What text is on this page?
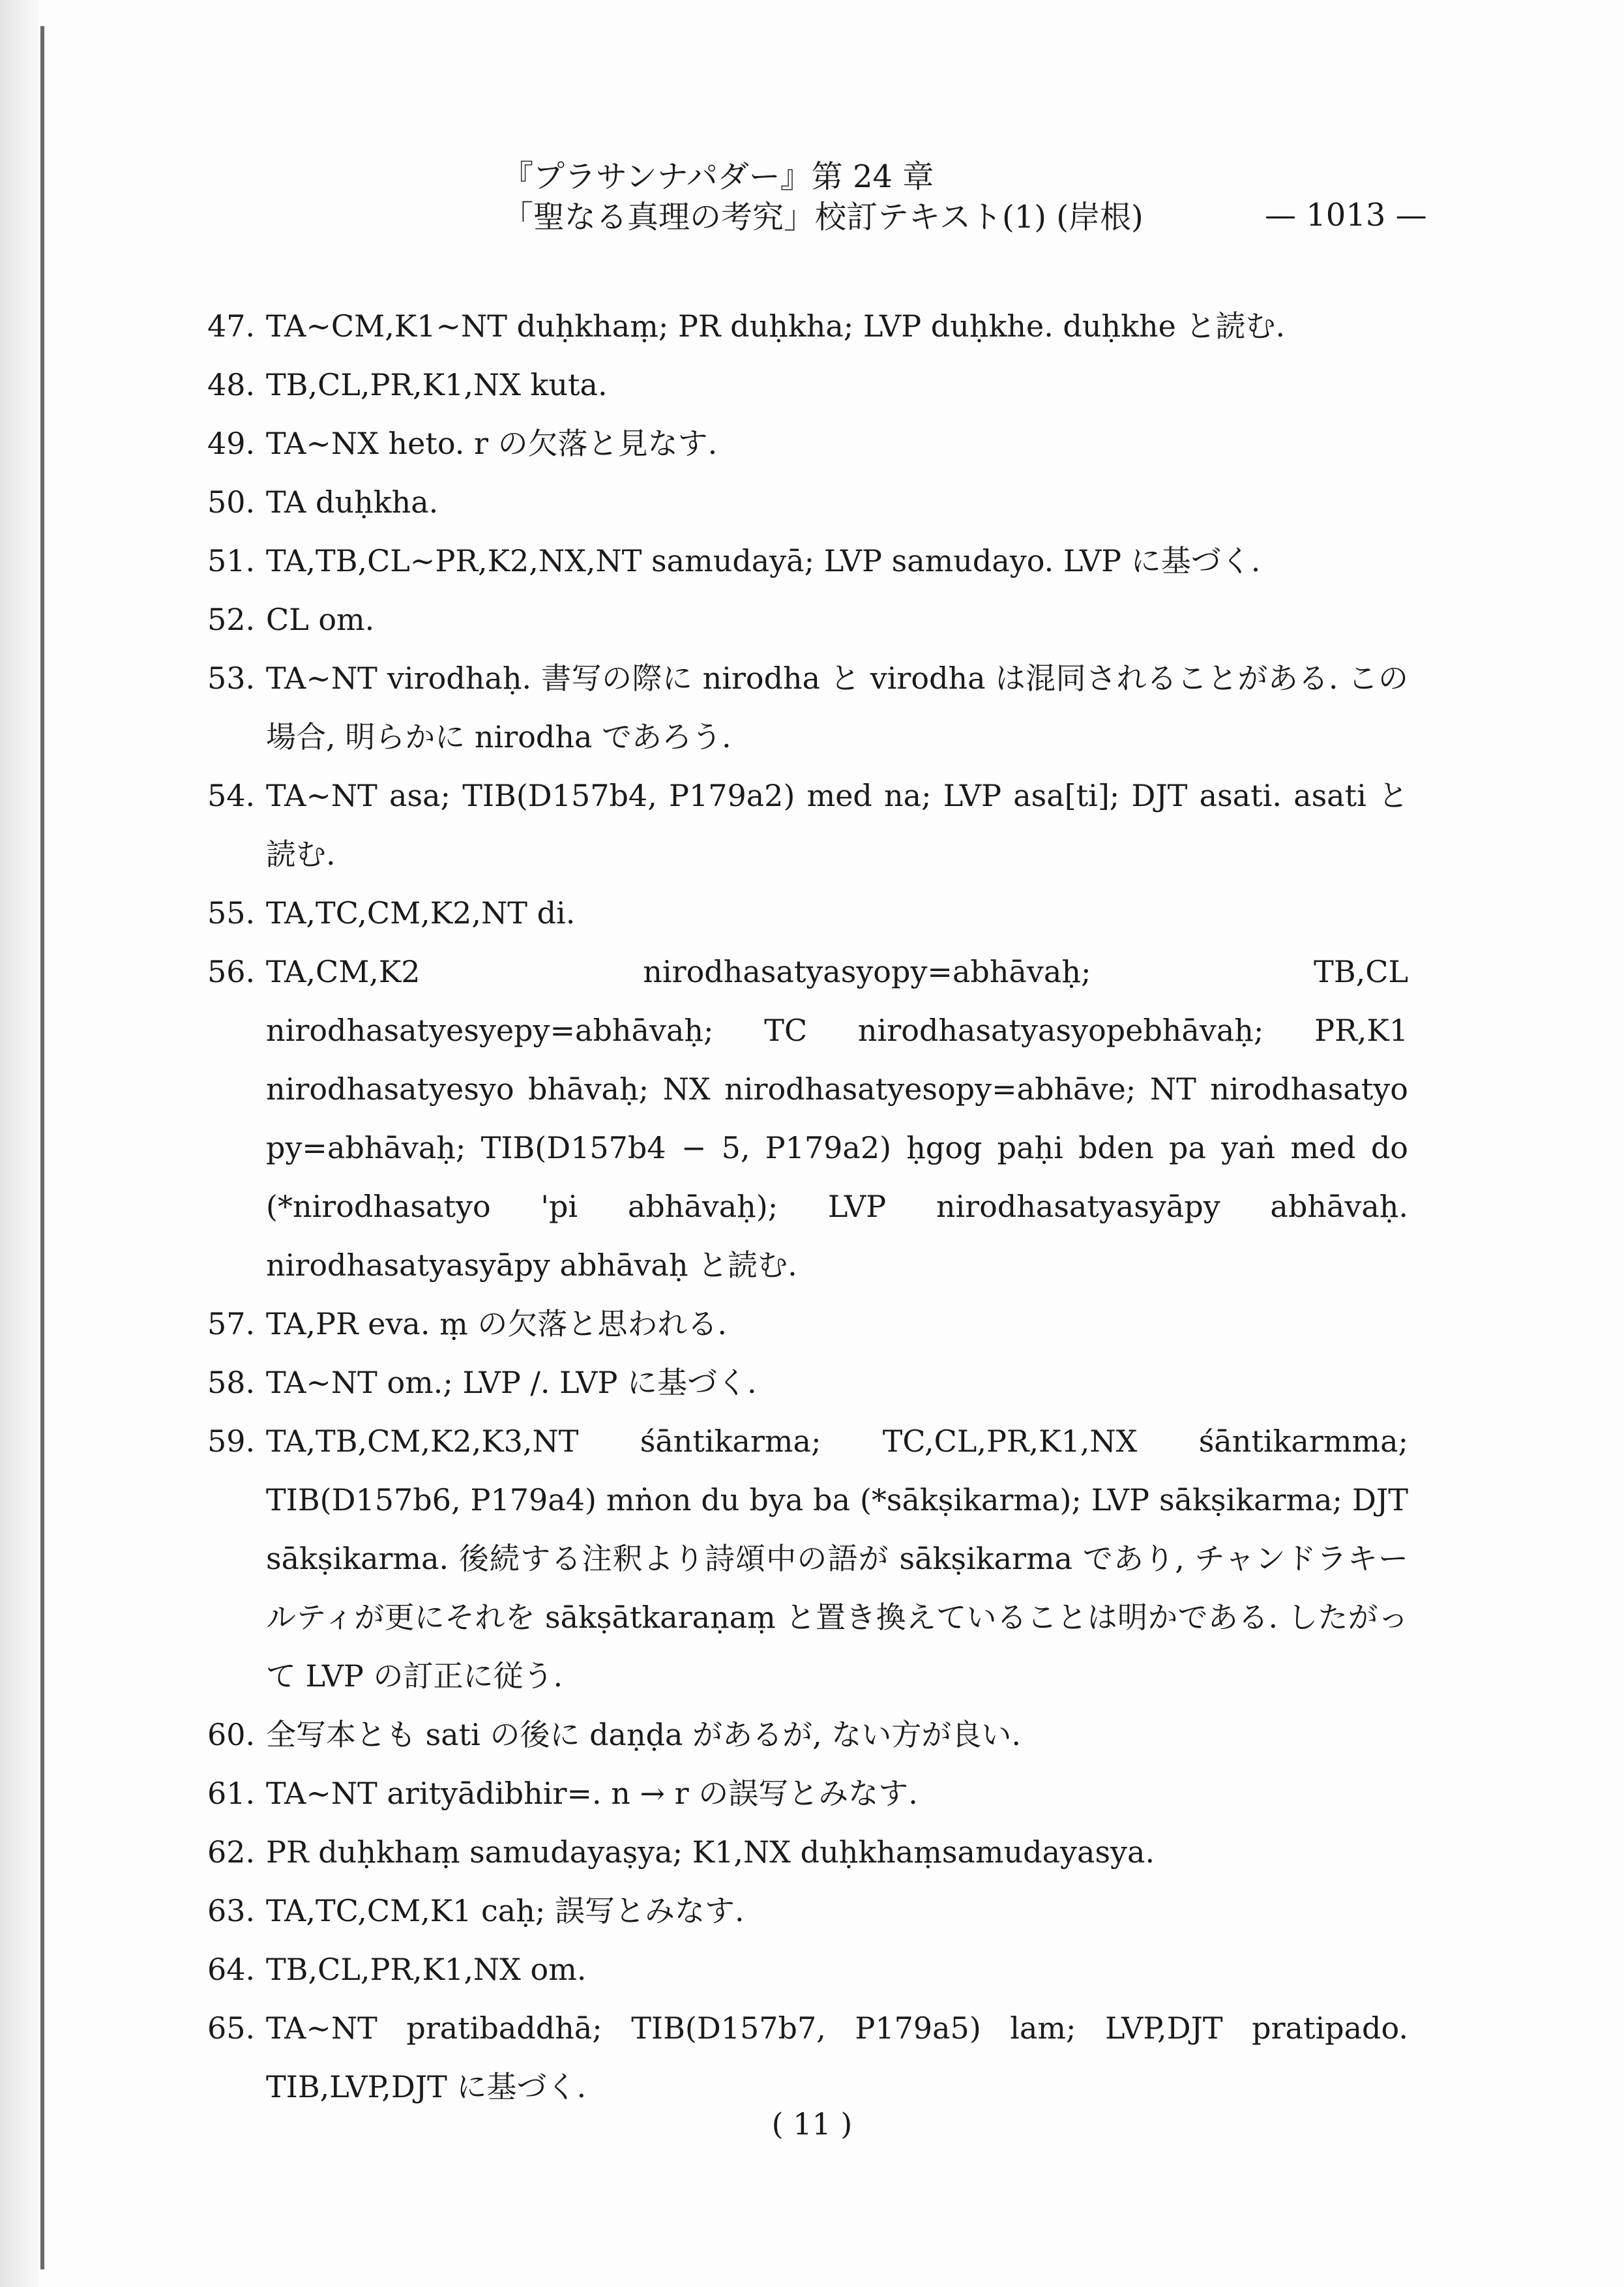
『プラサンナパダー』第 24 章
「聖なる真理の考究」校訂テキスト(1) (岸根)	— 1013 —
47. TA∼CM,K1∼NT duḥkhaṃ; PR duḥkha; LVP duḥkhe. duḥkhe と読む.
48. TB,CL,PR,K1,NX kuta.
49. TA∼NX heto. r の欠落と見なす.
50. TA duḥkha.
51. TA,TB,CL∼PR,K2,NX,NT samudayā; LVP samudayo. LVP に基づく.
52. CL om.
53. TA∼NT virodhaḥ. 書写の際に nirodha と virodha は混同されることがある. この場合, 明らかに nirodha であろう.
54. TA∼NT asa; TIB(D157b4, P179a2) med na; LVP asa[ti]; DJT asati. asati と読む.
55. TA,TC,CM,K2,NT di.
56. TA,CM,K2 nirodhasatyasyopy=abhāvaḥ; TB,CL nirodhasatyesyepy=abhāvaḥ; TC nirodhasatyasyopebhāvaḥ; PR,K1 nirodhasatyesyo bhāvaḥ; NX nirodhasatyesopy=abhāve; NT nirodhasatyo py=abhāvaḥ; TIB(D157b4 − 5, P179a2) ḥgog paḥi bden pa yaṅ med do (*nirodhasatyo 'pi abhāvaḥ); LVP nirodhasatyasyāpy abhāvaḥ. nirodhasatyasyāpy abhāvaḥ と読む.
57. TA,PR eva. ṃ の欠落と思われる.
58. TA∼NT om.; LVP /. LVP に基づく.
59. TA,TB,CM,K2,K3,NT śāntikarma; TC,CL,PR,K1,NX śāntikarmma; TIB(D157b6, P179a4) mṅon du bya ba (*sākṣikarma); LVP sākṣikarma; DJT sākṣikarma. 後続する注釈より詩頌中の語が sākṣikarma であり, チャンドラキールティが更にそれを sākṣātkaraṇaṃ と置き換えていることは明かである. したがって LVP の訂正に従う.
60. 全写本とも sati の後に daṇḍa があるが, ない方が良い.
61. TA∼NT arityādibhir=. n → r の誤写とみなす.
62. PR duḥkhaṃ samudayaṣya; K1,NX duḥkhaṃsamudayasya.
63. TA,TC,CM,K1 caḥ; 誤写とみなす.
64. TB,CL,PR,K1,NX om.
65. TA∼NT pratibaddhā; TIB(D157b7, P179a5) lam; LVP,DJT pratipado. TIB,LVP,DJT に基づく.
( 11 )
